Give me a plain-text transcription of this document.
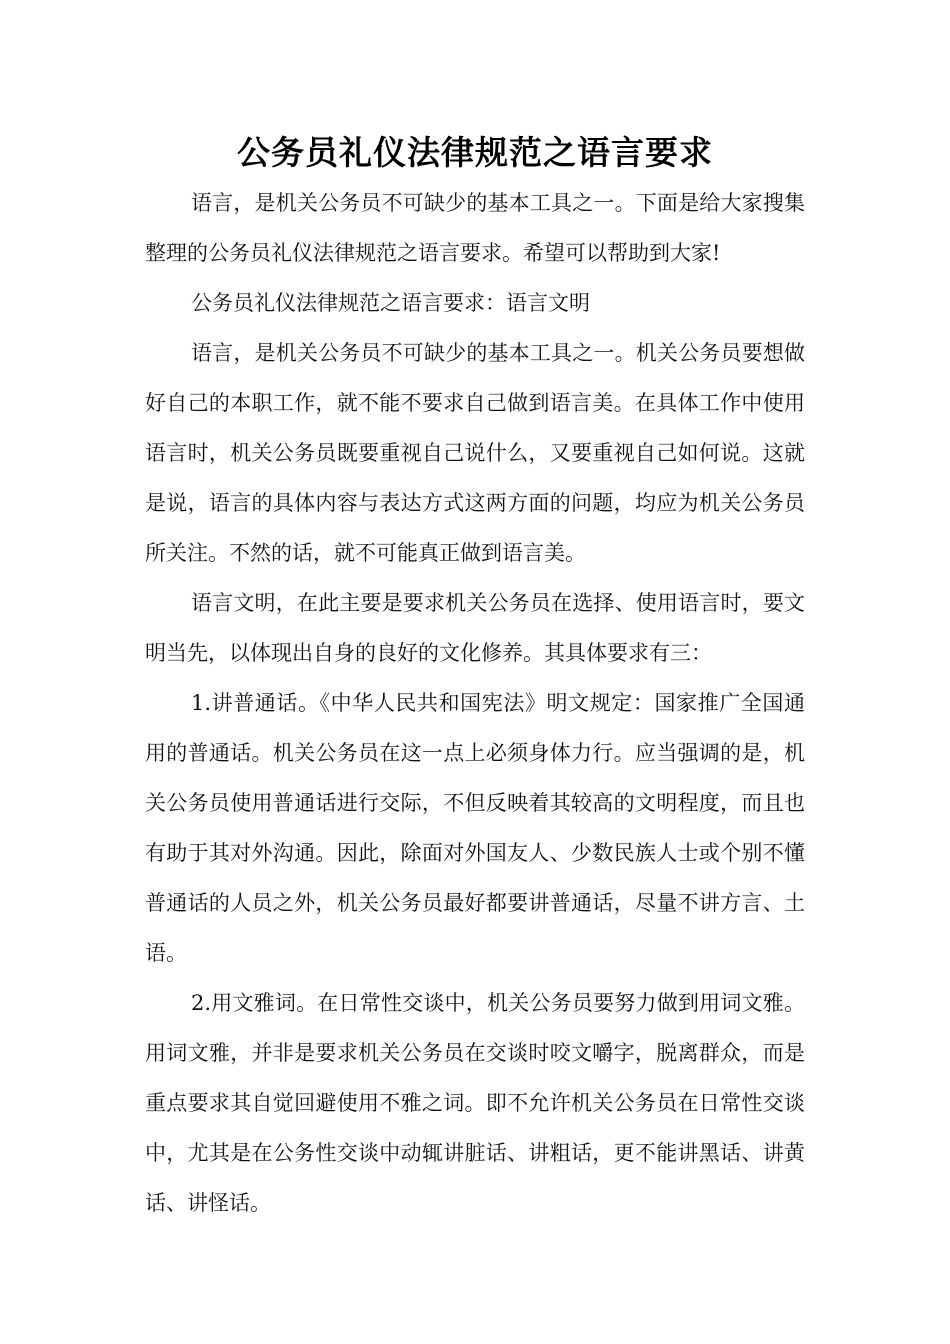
公务员礼仪法律规范之语言要求

语言，是机关公务员不可缺少的基本工具之一。下面是给大家搜集整理的公务员礼仪法律规范之语言要求。希望可以帮助到大家!

公务员礼仪法律规范之语言要求：语言文明

语言，是机关公务员不可缺少的基本工具之一。机关公务员要想做好自己的本职工作，就不能不要求自己做到语言美。在具体工作中使用语言时，机关公务员既要重视自己说什么，又要重视自己如何说。这就是说，语言的具体内容与表达方式这两方面的问题，均应为机关公务员所关注。不然的话，就不可能真正做到语言美。

语言文明，在此主要是要求机关公务员在选择、使用语言时，要文明当先，以体现出自身的良好的文化修养。其具体要求有三：

1.讲普通话。《中华人民共和国宪法》明文规定：国家推广全国通用的普通话。机关公务员在这一点上必须身体力行。应当强调的是，机关公务员使用普通话进行交际，不但反映着其较高的文明程度，而且也有助于其对外沟通。因此，除面对外国友人、少数民族人士或个别不懂普通话的人员之外，机关公务员最好都要讲普通话，尽量不讲方言、土语。

2.用文雅词。在日常性交谈中，机关公务员要努力做到用词文雅。用词文雅，并非是要求机关公务员在交谈时咬文嚼字，脱离群众，而是重点要求其自觉回避使用不雅之词。即不允许机关公务员在日常性交谈中，尤其是在公务性交谈中动辄讲脏话、讲粗话，更不能讲黑话、讲黄话、讲怪话。
